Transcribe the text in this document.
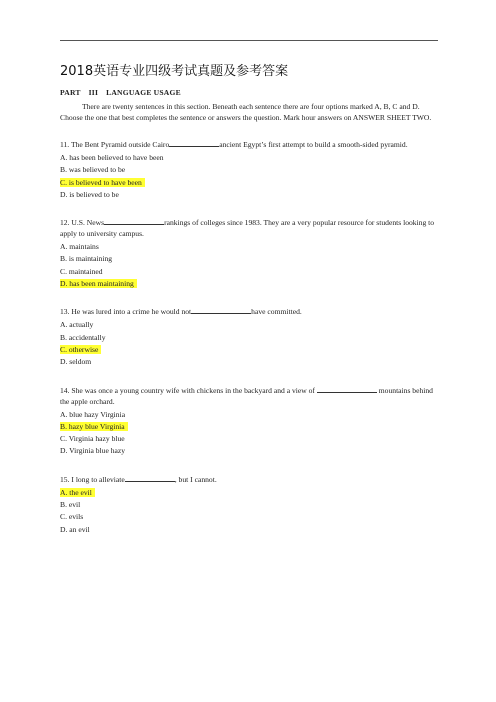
2018英语专业四级考试真题及参考答案
PART III LANGUAGE USAGE
There are twenty sentences in this section. Beneath each sentence there are four options marked A, B, C and D. Choose the one that best completes the sentence or answers the question. Mark hour answers on ANSWER SHEET TWO.
11. The Bent Pyramid outside Cairo	ancient Egypt’s first attempt to build a smooth-sided pyramid.
A. has been believed to have been
B. was believed to be
C. is believed to have been
D. is believed to be
12. U.S. News	rankings of colleges since 1983. They are a very popular resource for students looking to apply to university campus.
A. maintains
B. is maintaining
C. maintained
D. has been maintaining
13. He was lured into a crime he would not	have committed.
A. actually
B. accidentally
C. otherwise
D. seldom
14. She was once a young country wife with chickens in the backyard and a view of	mountains behind the apple orchard.
A. blue hazy Virginia
B. hazy blue Virginia
C. Virginia hazy blue
D. Virginia blue hazy
15. I long to alleviate	, but I cannot.
A. the evil
B. evil
C. evils
D. an evil
